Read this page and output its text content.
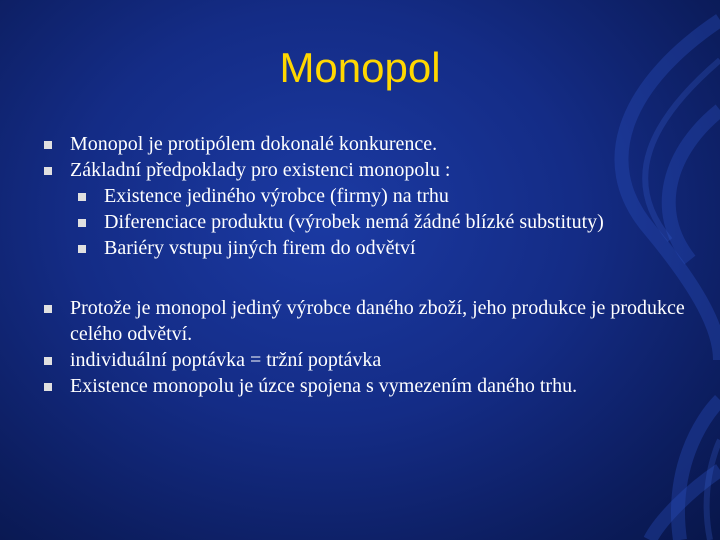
Monopol

Monopol je protipólem dokonalé konkurence.

Základní předpoklady pro existenci monopolu :

Existence jediného výrobce (firmy) na trhu

Diferenciace produktu (výrobek nemá žádné blízké substituty)

Bariéry vstupu jiných firem do odvětví

Protože je monopol jediný výrobce daného zboží, jeho produkce je produkce celého odvětví.

individuální poptávka = tržní poptávka

Existence monopolu je úzce spojena s vymezením daného trhu.
